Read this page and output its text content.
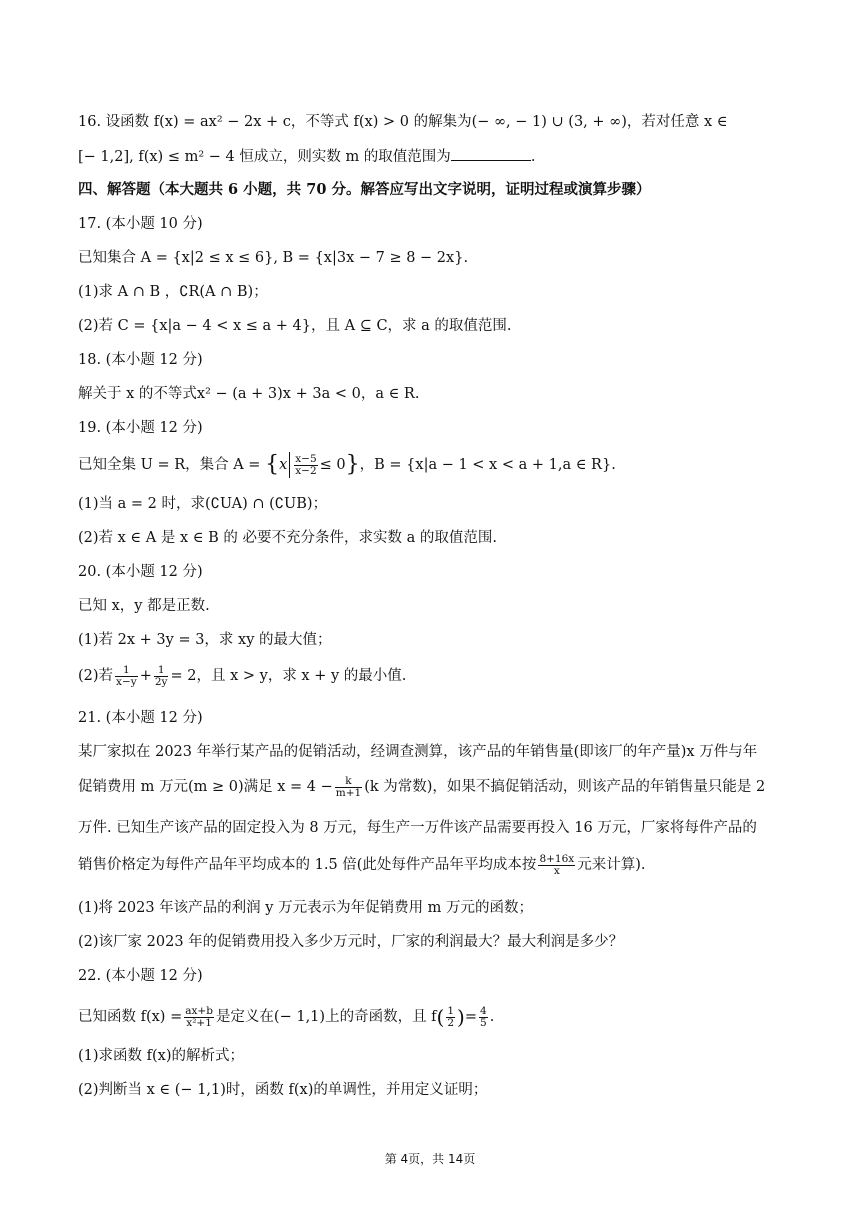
16. 设函数 f(x) = ax² − 2x + c，不等式 f(x) > 0 的解集为(− ∞, − 1) ∪ (3, + ∞)，若对任意 x ∈
[− 1,2], f(x) ≤ m² − 4 恒成立，则实数 m 的取值范围为	.
四、解答题（本大题共 6 小题，共 70 分。解答应写出文字说明，证明过程或演算步骤）
17. (本小题 10 分)
已知集合 A = {x|2 ≤ x ≤ 6}, B = {x|3x − 7 ≥ 8 − 2x}.
(1)求 A ∩ B ，∁R(A ∩ B)；
(2)若 C = {x|a − 4 < x ≤ a + 4}，且 A ⊆ C，求 a 的取值范围.
18. (本小题 12 分)
解关于 x 的不等式x² − (a + 3)x + 3a < 0，a ∈ R.
19. (本小题 12 分)
已知全集 U = R，集合 $A = \{x \frac{x-5}{x-2} \le 0\}$，B = {x|a − 1 < x < a + 1,a ∈ R}.
(1)当 a = 2 时，求(∁UA) ∩ (∁UB)；
(2)若 x ∈ A 是 x ∈ B 的 必要不充分条件，求实数 a 的取值范围.
20. (本小题 12 分)
已知 x，y 都是正数.
(1)若 2x + 3y = 3，求 xy 的最大值；
(2)若 $\frac{1}{x-y} + \frac{1}{2y} = 2$，且 x > y，求 x + y 的最小值.
21. (本小题 12 分)
某厂家拟在 2023 年举行某产品的促销活动，经调查测算，该产品的年销售量(即该厂的年产量)x 万件与年
促销费用 m 万元(m ≥ 0)满足 $x = 4 - \frac{k}{m+1} (k$ 为常数)，如果不搞促销活动，则该产品的年销售量只能是 2
万件. 已知生产该产品的固定投入为 8 万元，每生产一万件该产品需要再投入 16 万元，厂家将每件产品的
销售价格定为每件产品年平均成本的 1.5 倍(此处每件产品年平均成本按 $\frac{8+16x}{x}$ 元来计算).
(1)将 2023 年该产品的利润 y 万元表示为年促销费用 m 万元的函数；
(2)该厂家 2023 年的促销费用投入多少万元时，厂家的利润最大？最大利润是多少？
22. (本小题 12 分)
已知函数 $f(x) = \frac{ax+b}{\text{x²+1}}$ 是定义在(− 1,1)上的奇函数，且 $f( \frac{1}{2}$ )= $\frac{4}{5}$ .
(1)求函数 f(x)的解析式；
(2)判断当 x ∈ (− 1,1)时，函数 f(x)的单调性，并用定义证明；
第 4页，共 14页
